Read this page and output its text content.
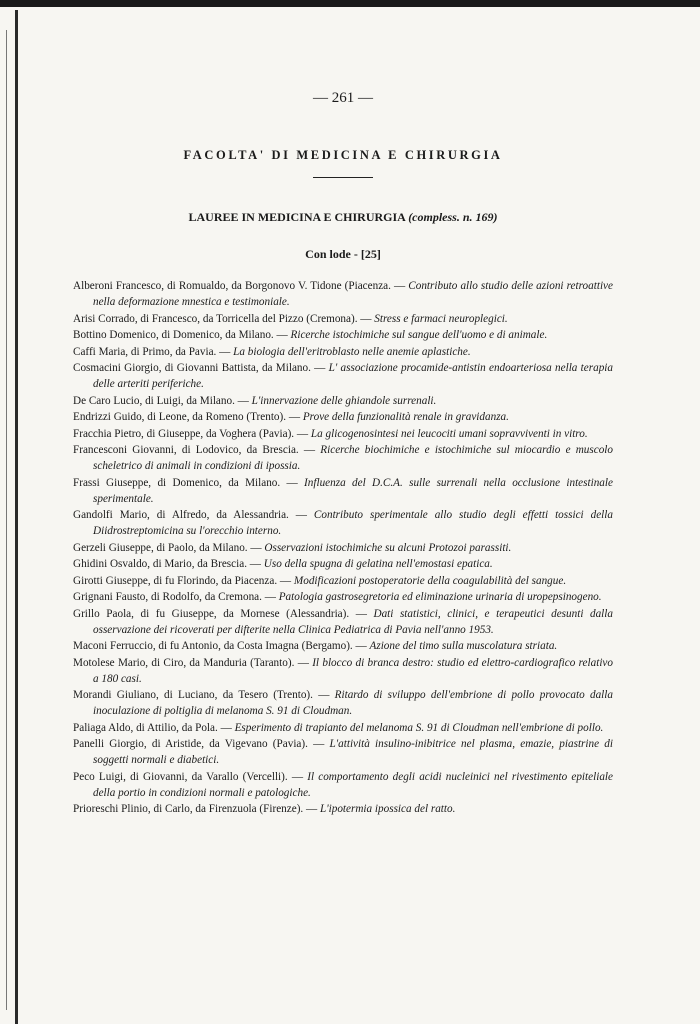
— 261 —
FACOLTA' DI MEDICINA E CHIRURGIA
LAUREE IN MEDICINA E CHIRURGIA (compless. n. 169)
Con lode - [25]
Alberoni Francesco, di Romualdo, da Borgonovo V. Tidone (Piacenza. — Contributo allo studio delle azioni retroattive nella deformazione mnestica e testimoniale.
Arisi Corrado, di Francesco, da Torricella del Pizzo (Cremona). — Stress e farmaci neuroplegici.
Bottino Domenico, di Domenico, da Milano. — Ricerche istochimiche sul sangue dell'uomo e di animale.
Caffi Maria, di Primo, da Pavia. — La biologia dell'eritroblasto nelle anemie aplastiche.
Cosmacini Giorgio, di Giovanni Battista, da Milano. — L' associazione procamide-antistin endoarteriosa nella terapia delle arteriti periferiche.
De Caro Lucio, di Luigi, da Milano. — L'innervazione delle ghiandole surrenali.
Endrizzi Guido, di Leone, da Romeno (Trento). — Prove della funzionalità renale in gravidanza.
Fracchia Pietro, di Giuseppe, da Voghera (Pavia). — La glicogenosintesi nei leucociti umani sopravviventi in vitro.
Francesconi Giovanni, di Lodovico, da Brescia. — Ricerche biochimiche e istochimiche sul miocardio e muscolo scheletrico di animali in condizioni di ipossia.
Frassi Giuseppe, di Domenico, da Milano. — Influenza del D.C.A. sulle surrenali nella occlusione intestinale sperimentale.
Gandolfi Mario, di Alfredo, da Alessandria. — Contributo sperimentale allo studio degli effetti tossici della Diidrostreptomicina su l'orecchio interno.
Gerzeli Giuseppe, di Paolo, da Milano. — Osservazioni istochimiche su alcuni Protozoi parassiti.
Ghidini Osvaldo, di Mario, da Brescia. — Uso della spugna di gelatina nell'emostasi epatica.
Girotti Giuseppe, di fu Florindo, da Piacenza. — Modificazioni postoperatorie della coagulabilità del sangue.
Grignani Fausto, di Rodolfo, da Cremona. — Patologia gastrosegretoria ed eliminazione urinaria di uropepsinogeno.
Grillo Paola, di fu Giuseppe, da Mornese (Alessandria). — Dati statistici, clinici, e terapeutici desunti dalla osservazione dei ricoverati per difterite nella Clinica Pediatrica di Pavia nell'anno 1953.
Maconi Ferruccio, di fu Antonio, da Costa Imagna (Bergamo). — Azione del timo sulla muscolatura striata.
Motolese Mario, di Ciro, da Manduria (Taranto). — Il blocco di branca destro: studio ed elettro-cardiografico relativo a 180 casi.
Morandi Giuliano, di Luciano, da Tesero (Trento). — Ritardo di sviluppo dell'embrione di pollo provocato dalla inoculazione di poltiglia di melanoma S. 91 di Cloudman.
Paliaga Aldo, di Attilio, da Pola. — Esperimento di trapianto del melanoma S. 91 di Cloudman nell'embrione di pollo.
Panelli Giorgio, di Aristide, da Vigevano (Pavia). — L'attività insulino-inibitrice nel plasma, emazie, piastrine di soggetti normali e diabetici.
Peco Luigi, di Giovanni, da Varallo (Vercelli). — Il comportamento degli acidi nucleinici nel rivestimento epiteliale della portio in condizioni normali e patologiche.
Prioreschi Plinio, di Carlo, da Firenzuola (Firenze). — L'ipotermia ipossica del ratto.
